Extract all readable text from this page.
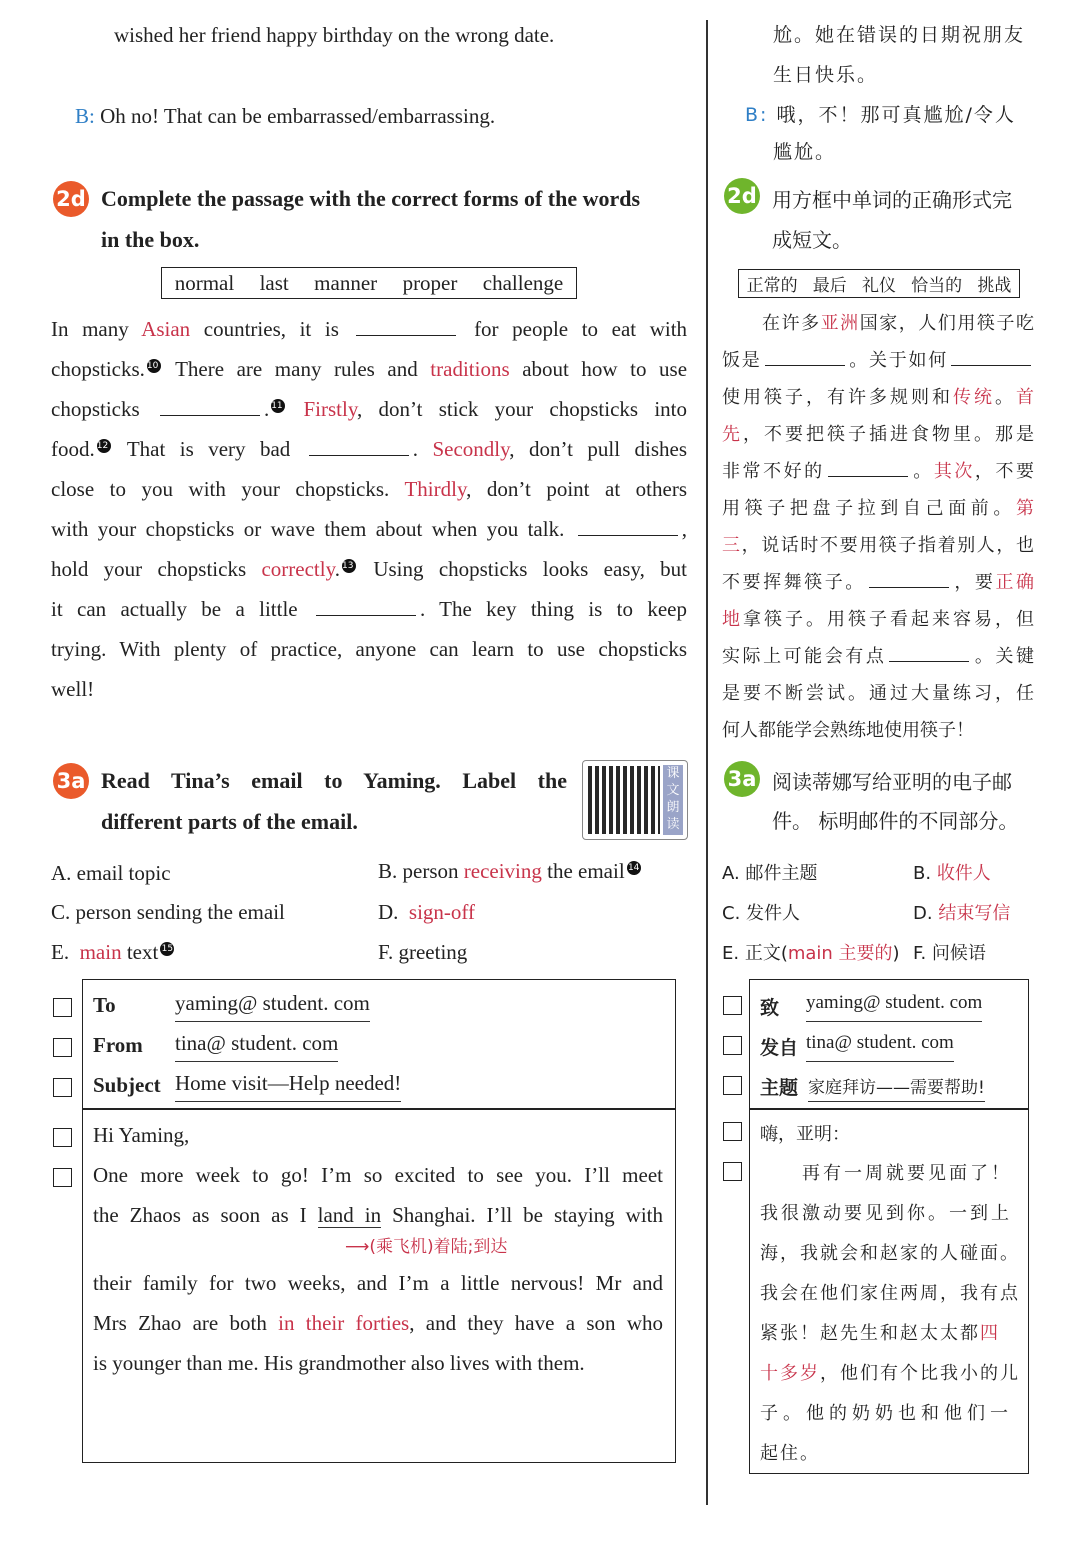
wished her friend happy birthday on the wrong date.
B: Oh no! That can be embarrassed/embarrassing.
尬。她在错误的日期祝朋友
生日快乐。
B: 哦，不！那可真尴尬/令人
尴尬。
2d Complete the passage with the correct forms of the words
in the box.
normal last manner proper challenge
In many Asian countries, it is	for people to eat with
chopsticks. 10 There are many rules and traditions about how to use
chopsticks	. 11 Firstly, don’t stick your chopsticks into
food. 12 That is very bad	. Secondly, don’t pull dishes
close to you with your chopsticks. Thirdly, don’t point at others
with your chopsticks or wave them about when you talk.	,
hold your chopsticks correctly. 13 Using chopsticks looks easy, but
it can actually be a little	. The key thing is to keep
trying. With plenty of practice, anyone can learn to use chopsticks
well!
2d 用方框中单词的正确形式完
成短文。
正常的 最后 礼仪 恰当的 挑战
在许多亚洲国家，人们用筷子吃
饭是	。关于如何
使用筷子，有许多规则和传统。首
先，不要把筷子插进食物里。那是
非常不好的	。其次，不要
用筷子把盘子拉到自己面前。第
三，说话时不要用筷子指着别人，也
不要挥舞筷子。	，要正确
地拿筷子。用筷子看起来容易，但
实际上可能会有点	。关键
是要不断尝试。通过大量练习，任
何人都能学会熟练地使用筷子！
3a Read Tina’s email to Yaming. Label the
different parts of the email.
课文朗读
A. email topic	B. person receiving the email 14
C. person sending the email	D. sign-off
E. main text 15	F. greeting
To	yaming@ student. com
From tina@ student. com
Subject Home visit—Help needed!
Hi Yaming,
One more week to go! I’m so excited to see you. I’ll meet
the Zhaos as soon as I land in Shanghai. I’ll be staying with
⟶(乘飞机)着陆;到达
their family for two weeks, and I’m a little nervous! Mr and
Mrs Zhao are both in their forties, and they have a son who
is younger than me. His grandmother also lives with them.
3a 阅读蒂娜写给亚明的电子邮
件。 标明邮件的不同部分。
A. 邮件主题	B. 收件人
C. 发件人	D. 结束写信
E. 正文(main 主要的) F. 问候语
致 yaming@ student. com
发自 tina@ student. com
主题 家庭拜访——需要帮助!
嗨，亚明：
再有一周就要见面了！
我很激动要见到你。一到上
海，我就会和赵家的人碰面。
我会在他们家住两周，我有点
紧张！赵先生和赵太太都四
十多岁，他们有个比我小的儿
子。他的奶奶也和他们一
起住。
